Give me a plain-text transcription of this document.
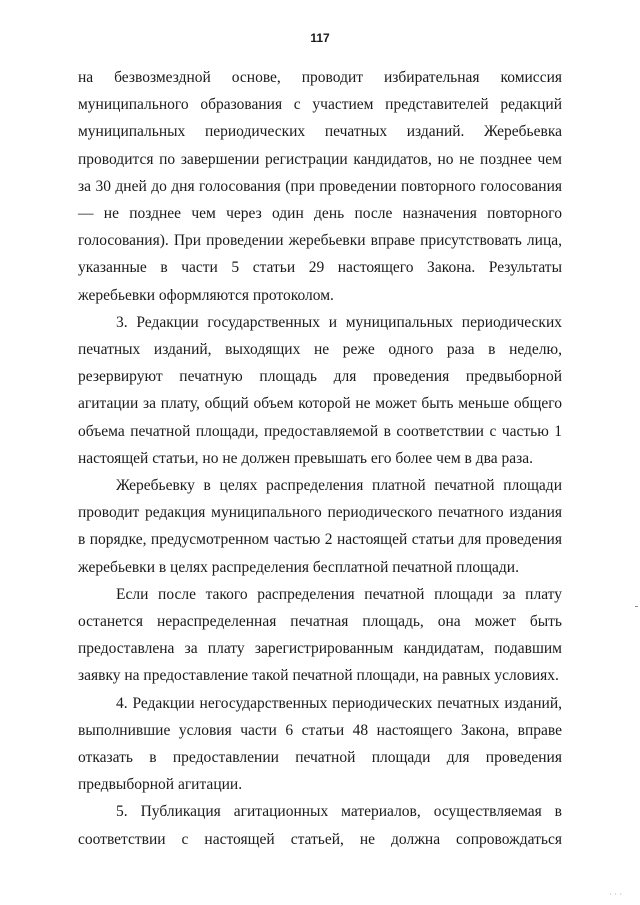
117

на безвозмездной основе, проводит избирательная комиссия муниципального образования с участием представителей редакций муниципальных периодических печатных изданий. Жеребьевка проводится по завершении регистрации кандидатов, но не позднее чем за 30 дней до дня голосования (при проведении повторного голосования — не позднее чем через один день после назначения повторного голосования). При проведении жеребьевки вправе присутствовать лица, указанные в части 5 статьи 29 настоящего Закона. Результаты жеребьевки оформляются протоколом.

3. Редакции государственных и муниципальных периодических печатных изданий, выходящих не реже одного раза в неделю, резервируют печатную площадь для проведения предвыборной агитации за плату, общий объем которой не может быть меньше общего объема печатной площади, предоставляемой в соответствии с частью 1 настоящей статьи, но не должен превышать его более чем в два раза.

Жеребьевку в целях распределения платной печатной площади проводит редакция муниципального периодического печатного издания в порядке, предусмотренном частью 2 настоящей статьи для проведения жеребьевки в целях распределения бесплатной печатной площади.

Если после такого распределения печатной площади за плату останется нераспределенная печатная площадь, она может быть предоставлена за плату зарегистрированным кандидатам, подавшим заявку на предоставление такой печатной площади, на равных условиях.

4. Редакции негосударственных периодических печатных изданий, выполнившие условия части 6 статьи 48 настоящего Закона, вправе отказать в предоставлении печатной площади для проведения предвыборной агитации.

5. Публикация агитационных материалов, осуществляемая в соответствии с настоящей статьей, не должна сопровождаться

· · ·
